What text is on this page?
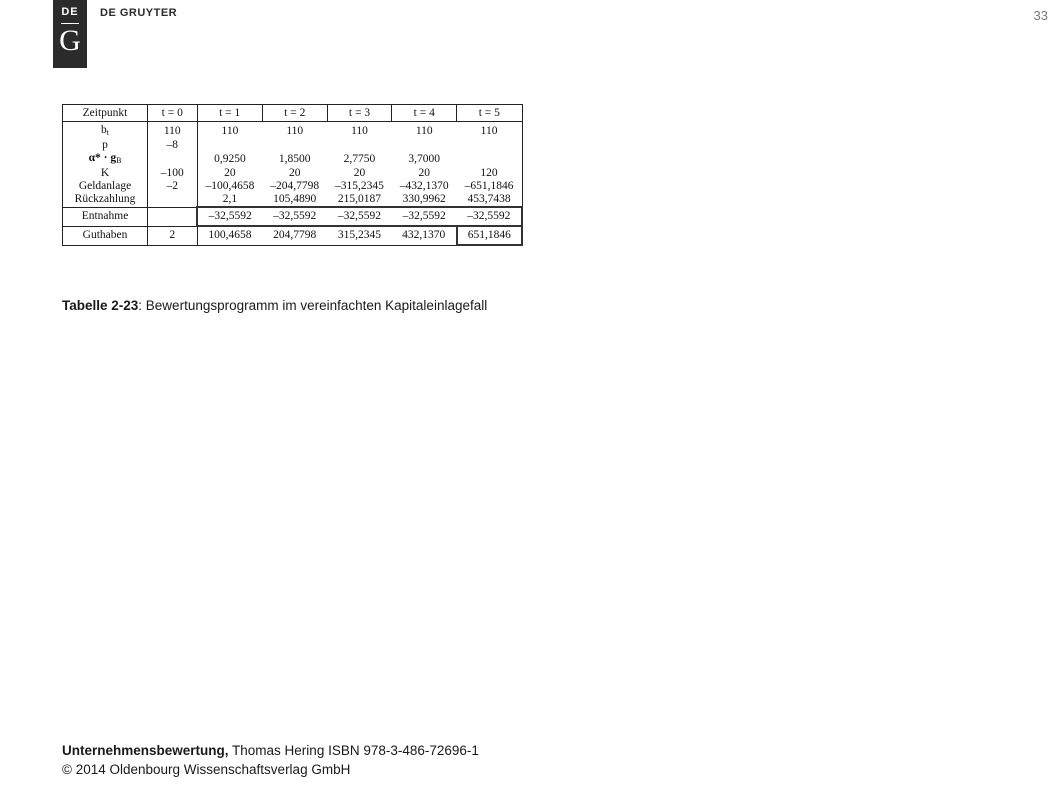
DE
G
DE GRUYTER	33
Zeitpunkt	t = 0	t = 1	t = 2	t = 3	t = 4	t = 5
$b_t$	110	110	110	110	110	110
p	–8					
$\alpha* \cdot g_B$		0,9250	1,8500	2,7750	3,7000	
K	–100	20	20	20	20	120
Geldanlage	–2	–100,4658	–204,7798	–315,2345	–432,1370	–651,1846
Rückzahlung		2,1	105,4890	215,0187	330,9962	453,7438
Entnahme		–32,5592	–32,5592	–32,5592	–32,5592	–32,5592
Guthaben	2	100,4658	204,7798	315,2345	432,1370	651,1846
Tabelle 2-23: Bewertungsprogramm im vereinfachten Kapitaleinlagefall
Unternehmensbewertung, Thomas Hering ISBN 978-3-486-72696-1
© 2014 Oldenbourg Wissenschaftsverlag GmbH
